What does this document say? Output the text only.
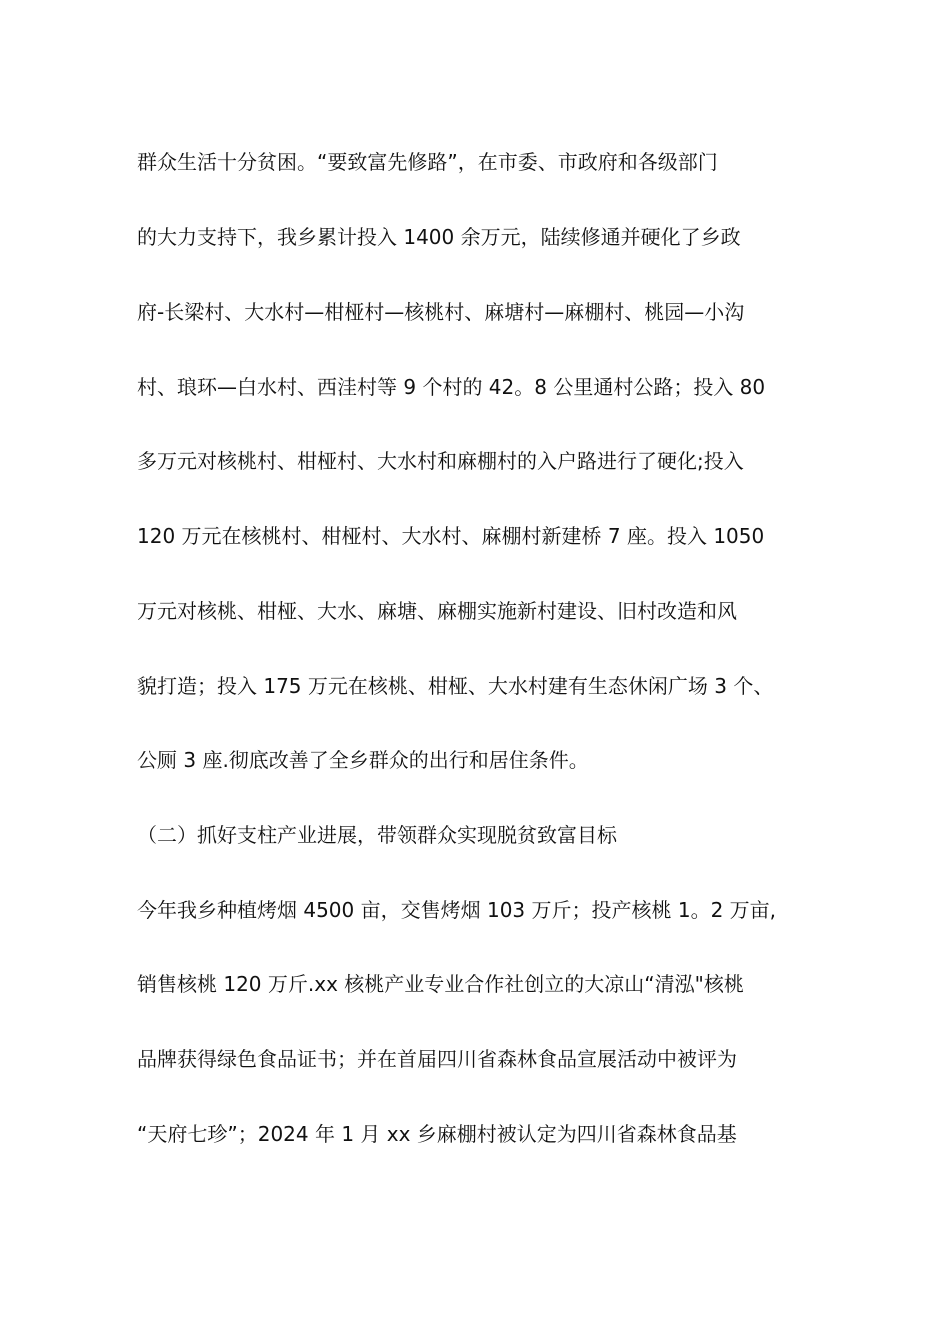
群众生活十分贫困。“要致富先修路”，在市委、市政府和各级部门
的大力支持下，我乡累计投入 1400 余万元，陆续修通并硬化了乡政
府-长梁村、大水村—柑桠村—核桃村、麻塘村—麻棚村、桃园—小沟
村、琅环—白水村、西洼村等 9 个村的 42。8 公里通村公路；投入 80
多万元对核桃村、柑桠村、大水村和麻棚村的入户路进行了硬化;投入
120 万元在核桃村、柑桠村、大水村、麻棚村新建桥 7 座。投入 1050
万元对核桃、柑桠、大水、麻塘、麻棚实施新村建设、旧村改造和风
貌打造；投入 175 万元在核桃、柑桠、大水村建有生态休闲广场 3 个、
公厕 3 座.彻底改善了全乡群众的出行和居住条件。
（二）抓好支柱产业进展，带领群众实现脱贫致富目标
今年我乡种植烤烟 4500 亩，交售烤烟 103 万斤；投产核桃 1。2 万亩,
销售核桃 120 万斤.xx 核桃产业专业合作社创立的大凉山“清泓"核桃
品牌获得绿色食品证书；并在首届四川省森林食品宣展活动中被评为
“天府七珍”；2024 年 1 月 xx 乡麻棚村被认定为四川省森林食品基
